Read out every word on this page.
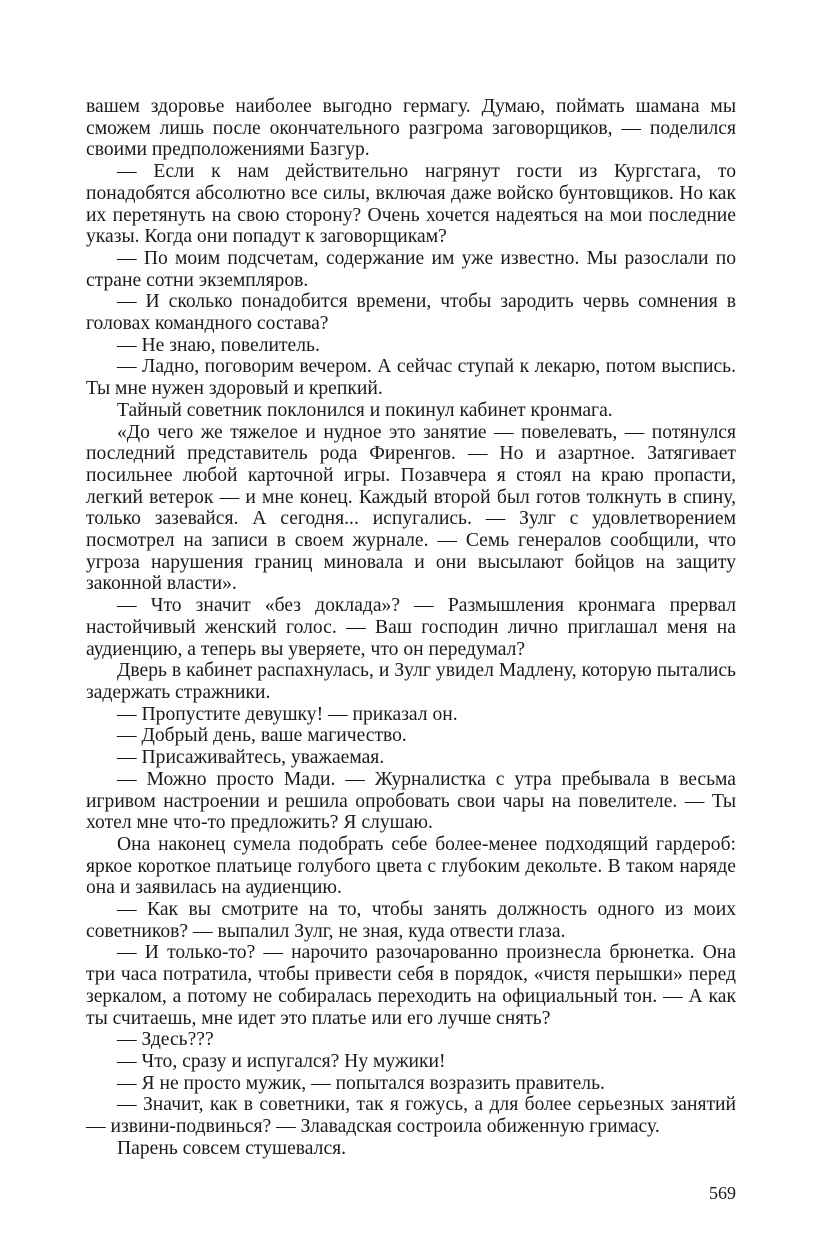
вашем здоровье наиболее выгодно гермагу. Думаю, поймать шамана мы сможем лишь после окончательного разгрома заговорщиков, — поделился своими предположениями Базгур.

— Если к нам действительно нагрянут гости из Кургстага, то понадобятся абсолютно все силы, включая даже войско бунтовщиков. Но как их перетянуть на свою сторону? Очень хочется надеяться на мои последние указы. Когда они попадут к заговорщикам?

— По моим подсчетам, содержание им уже известно. Мы разослали по стране сотни экземпляров.

— И сколько понадобится времени, чтобы зародить червь сомнения в головах командного состава?

— Не знаю, повелитель.

— Ладно, поговорим вечером. А сейчас ступай к лекарю, потом выспись. Ты мне нужен здоровый и крепкий.

Тайный советник поклонился и покинул кабинет кронмага.

«До чего же тяжелое и нудное это занятие — повелевать, — потянулся последний представитель рода Фиренгов. — Но и азартное. Затягивает посильнее любой карточной игры. Позавчера я стоял на краю пропасти, легкий ветерок — и мне конец. Каждый второй был готов толкнуть в спину, только зазевайся. А сегодня... испугались. — Зулг с удовлетворением посмотрел на записи в своем журнале. — Семь генералов сообщили, что угроза нарушения границ миновала и они высылают бойцов на защиту законной власти».

— Что значит «без доклада»? — Размышления кронмага прервал настойчивый женский голос. — Ваш господин лично приглашал меня на аудиенцию, а теперь вы уверяете, что он передумал?

Дверь в кабинет распахнулась, и Зулг увидел Мадлену, которую пытались задержать стражники.

— Пропустите девушку! — приказал он.

— Добрый день, ваше магичество.

— Присаживайтесь, уважаемая.

— Можно просто Мади. — Журналистка с утра пребывала в весьма игривом настроении и решила опробовать свои чары на повелителе. — Ты хотел мне что-то предложить? Я слушаю.

Она наконец сумела подобрать себе более-менее подходящий гардероб: яркое короткое платьице голубого цвета с глубоким декольте. В таком наряде она и заявилась на аудиенцию.

— Как вы смотрите на то, чтобы занять должность одного из моих советников? — выпалил Зулг, не зная, куда отвести глаза.

— И только-то? — нарочито разочарованно произнесла брюнетка. Она три часа потратила, чтобы привести себя в порядок, «чистя перышки» перед зеркалом, а потому не собиралась переходить на официальный тон. — А как ты считаешь, мне идет это платье или его лучше снять?

— Здесь???

— Что, сразу и испугался? Ну мужики!

— Я не просто мужик, — попытался возразить правитель.

— Значит, как в советники, так я гожусь, а для более серьезных занятий — извини-подвинься? — Злавадская состроила обиженную гримасу.

Парень совсем стушевался.

569
